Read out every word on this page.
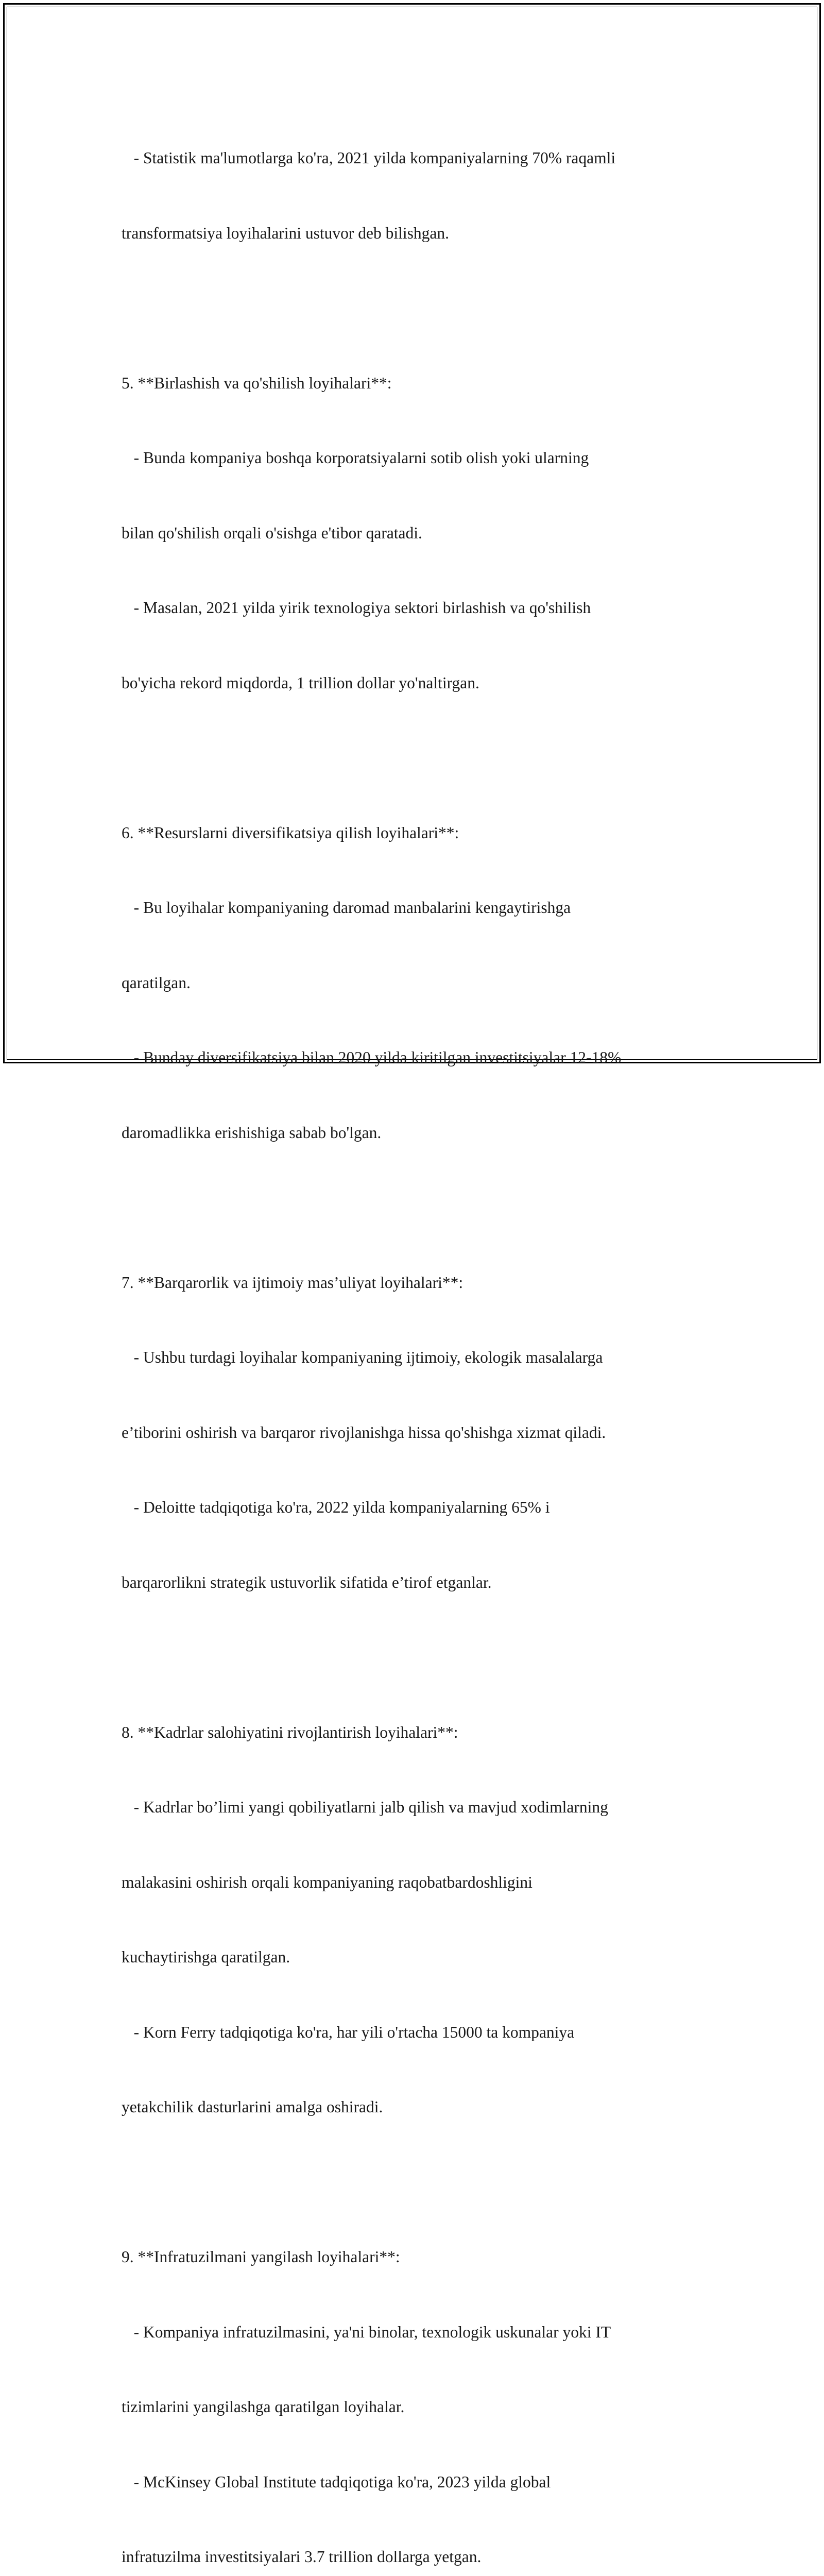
- Statistik ma'lumotlarga ko'ra, 2021 yilda kompaniyalarning 70% raqamli

transformatsiya loyihalarini ustuvor deb bilishgan.

5. **Birlashish va qo'shilish loyihalari**:

- Bunda kompaniya boshqa korporatsiyalarni sotib olish yoki ularning

bilan qo'shilish orqali o'sishga e'tibor qaratadi.

- Masalan, 2021 yilda yirik texnologiya sektori birlashish va qo'shilish

bo'yicha rekord miqdorda, 1 trillion dollar yo'naltirgan.

6. **Resurslarni diversifikatsiya qilish loyihalari**:

- Bu loyihalar kompaniyaning daromad manbalarini kengaytirishga

qaratilgan.

- Bunday diversifikatsiya bilan 2020 yilda kiritilgan investitsiyalar 12-18%

daromadlikka erishishiga sabab bo'lgan.

7. **Barqarorlik va ijtimoiy mas’uliyat loyihalari**:

- Ushbu turdagi loyihalar kompaniyaning ijtimoiy, ekologik masalalarga

e’tiborini oshirish va barqaror rivojlanishga hissa qo'shishga xizmat qiladi.

- Deloitte tadqiqotiga ko'ra, 2022 yilda kompaniyalarning 65% i

barqarorlikni strategik ustuvorlik sifatida e’tirof etganlar.

8. **Kadrlar salohiyatini rivojlantirish loyihalari**:

- Kadrlar bo’limi yangi qobiliyatlarni jalb qilish va mavjud xodimlarning

malakasini oshirish orqali kompaniyaning raqobatbardoshligini

kuchaytirishga qaratilgan.

- Korn Ferry tadqiqotiga ko'ra, har yili o'rtacha 15000 ta kompaniya

yetakchilik dasturlarini amalga oshiradi.

9. **Infratuzilmani yangilash loyihalari**:

- Kompaniya infratuzilmasini, ya'ni binolar, texnologik uskunalar yoki IT

tizimlarini yangilashga qaratilgan loyihalar.

- McKinsey Global Institute tadqiqotiga ko'ra, 2023 yilda global

infratuzilma investitsiyalari 3.7 trillion dollarga yetgan.
